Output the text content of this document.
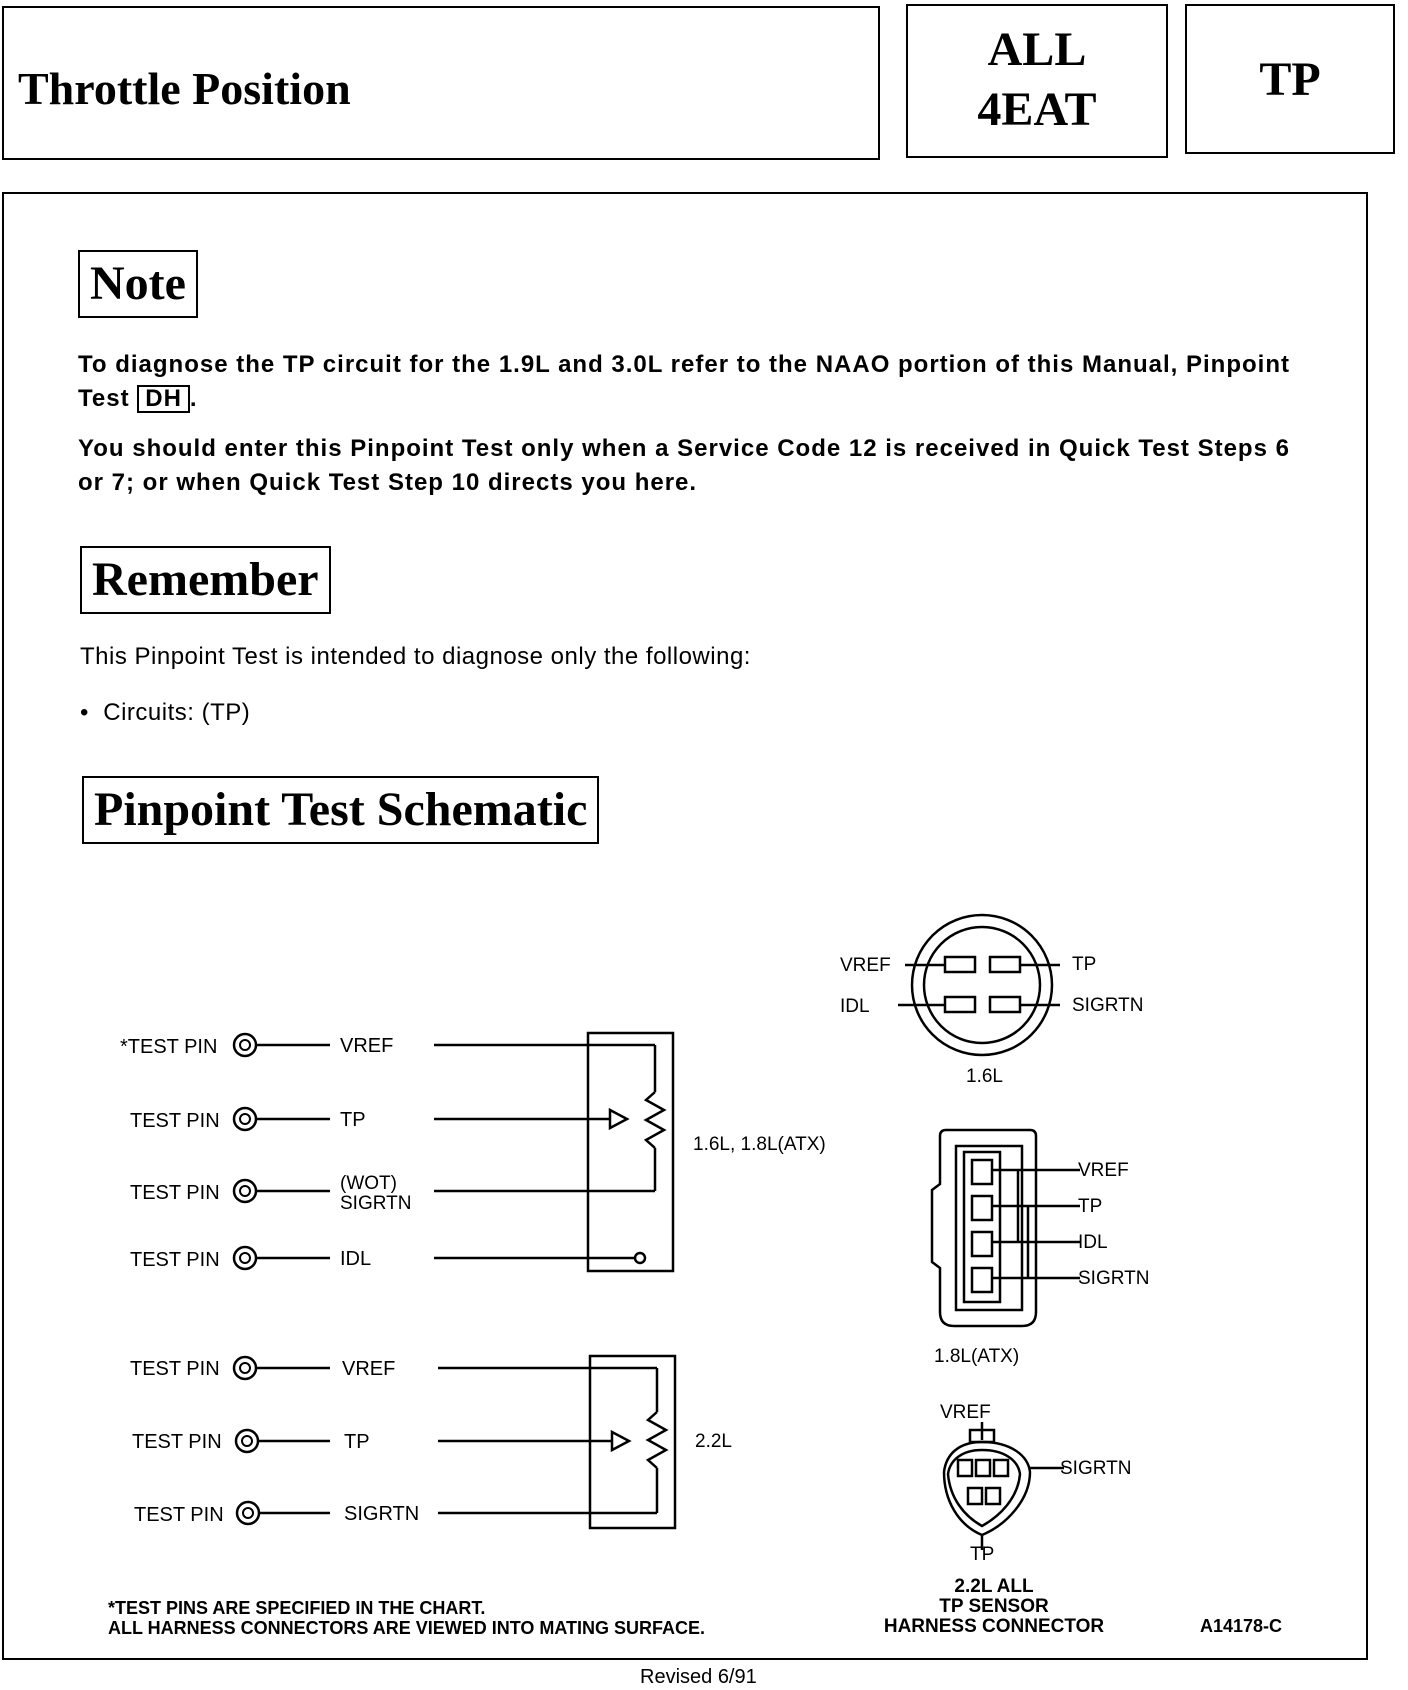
Throttle Position
ALL
4EAT
TP
Note
To diagnose the TP circuit for the 1.9L and 3.0L refer to the NAAO portion of this Manual, Pinpoint Test DH .
You should enter this Pinpoint Test only when a Service Code 12 is received in Quick Test Steps 6 or 7; or when Quick Test Step 10 directs you here.
Remember
This Pinpoint Test is intended to diagnose only the following:
• Circuits: (TP)
Pinpoint Test Schematic
*TEST PIN	VREF
TEST PIN	TP
TEST PIN	(WOT)
SIGRTN
TEST PIN	IDL
1.6L, 1.8L(ATX)
TEST PIN	VREF
TEST PIN	TP
TEST PIN	SIGRTN
2.2L
VREF
IDL
TP
SIGRTN
1.6L
VREF
TP
IDL
SIGRTN
1.8L(ATX)
VREF
SIGRTN
TP
2.2L ALL
TP SENSOR
HARNESS CONNECTOR
*TEST PINS ARE SPECIFIED IN THE CHART.
ALL HARNESS CONNECTORS ARE VIEWED INTO MATING SURFACE.	A14178-C
Revised 6/91
